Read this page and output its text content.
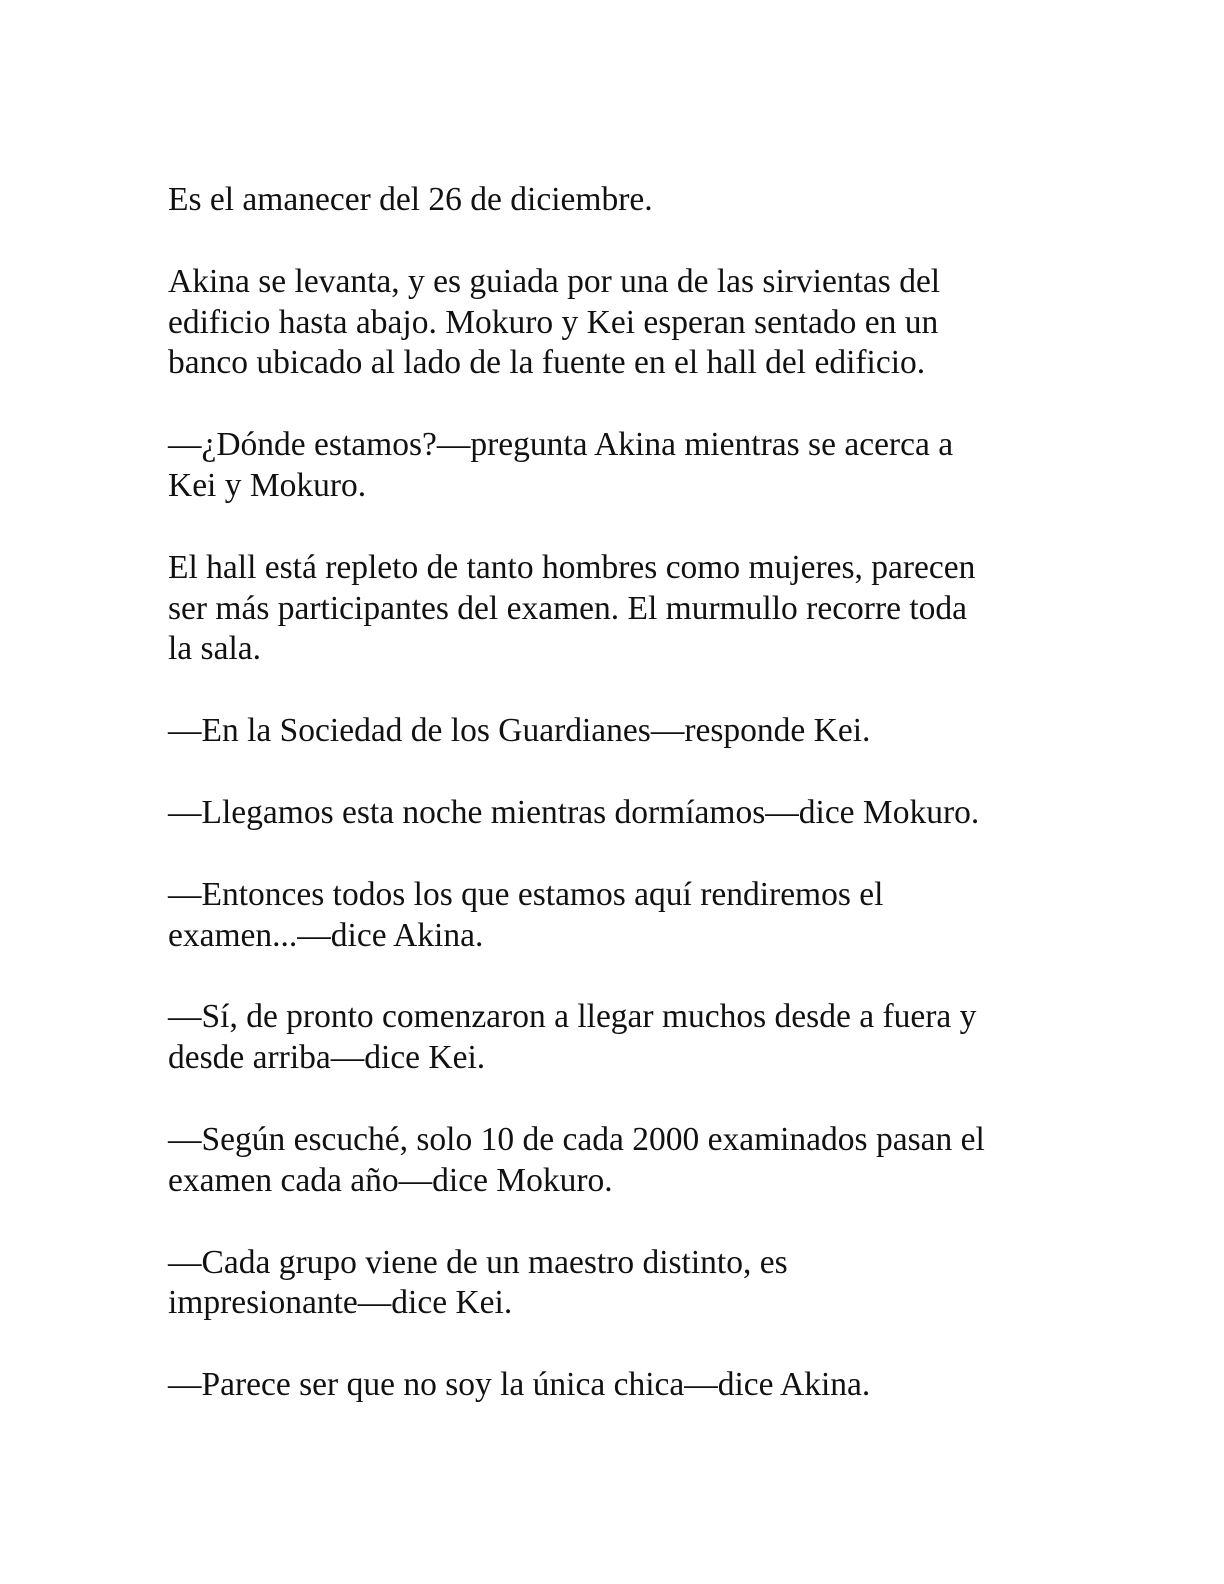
Es el amanecer del 26 de diciembre.

Akina se levanta, y es guiada por una de las sirvientas del
edificio hasta abajo. Mokuro y Kei esperan sentado en un
banco ubicado al lado de la fuente en el hall del edificio.

—¿Dónde estamos?—pregunta Akina mientras se acerca a
Kei y Mokuro.

El hall está repleto de tanto hombres como mujeres, parecen
ser más participantes del examen. El murmullo recorre toda
la sala.

—En la Sociedad de los Guardianes—responde Kei.

—Llegamos esta noche mientras dormíamos—dice Mokuro.

—Entonces todos los que estamos aquí rendiremos el
examen...—dice Akina.

—Sí, de pronto comenzaron a llegar muchos desde a fuera y
desde arriba—dice Kei.

—Según escuché, solo 10 de cada 2000 examinados pasan el
examen cada año—dice Mokuro.

—Cada grupo viene de un maestro distinto, es
impresionante—dice Kei.

—Parece ser que no soy la única chica—dice Akina.
